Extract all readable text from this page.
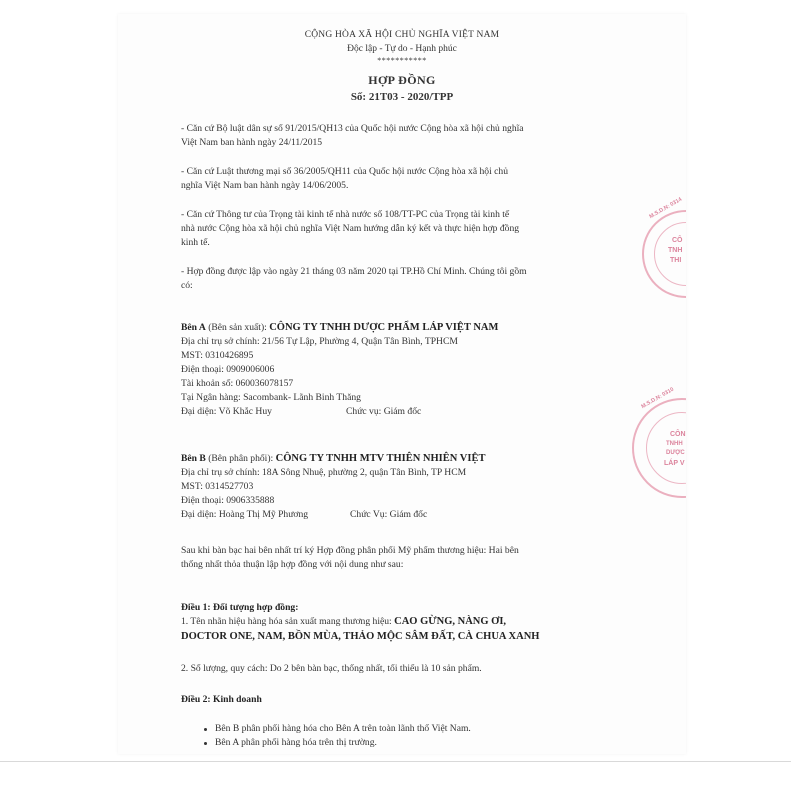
CỘNG HÒA XÃ HỘI CHỦ NGHĨA VIỆT NAM
Độc lập - Tự do - Hạnh phúc
***********
HỢP ĐỒNG
Số: 21T03 - 2020/TPP
- Căn cứ Bộ luật dân sự số 91/2015/QH13 của Quốc hội nước Cộng hòa xã hội chủ nghĩa
Việt Nam ban hành ngày 24/11/2015
- Căn cứ Luật thương mại số 36/2005/QH11 của Quốc hội nước Cộng hòa xã hội chủ
nghĩa Việt Nam ban hành ngày 14/06/2005.
- Căn cứ Thông tư của Trọng tài kinh tế nhà nước số 108/TT-PC của Trọng tài kinh tế
nhà nước Cộng hòa xã hội chủ nghĩa Việt Nam hướng dẫn ký kết và thực hiện hợp đồng
kinh tế.
- Hợp đồng được lập vào ngày 21 tháng 03 năm 2020 tại TP.Hồ Chí Minh. Chúng tôi gồm
có:
Bên A (Bên sản xuất): CÔNG TY TNHH DƯỢC PHẨM LÁP VIỆT NAM
Địa chỉ trụ sở chính: 21/56 Tự Lập, Phường 4, Quận Tân Bình, TPHCM
MST: 0310426895
Điện thoại: 0909006006
Tài khoản số: 060036078157
Tại Ngân hàng: Sacombank- Lãnh Binh Thăng
Đại diện: Võ Khắc Huy	Chức vụ: Giám đốc
Bên B (Bên phân phối): CÔNG TY TNHH MTV THIÊN NHIÊN VIỆT
Địa chỉ trụ sở chính: 18A Sông Nhuệ, phường 2, quận Tân Bình, TP HCM
MST: 0314527703
Điện thoại: 0906335888
Đại diện: Hoàng Thị Mỹ Phương	Chức Vụ: Giám đốc
Sau khi bàn bạc hai bên nhất trí ký Hợp đồng phân phối Mỹ phẩm thương hiệu: Hai bên
thống nhất thỏa thuận lập hợp đồng với nội dung như sau:
Điều 1: Đối tượng hợp đồng:
1. Tên nhãn hiệu hàng hóa sản xuất mang thương hiệu: CAO GỪNG, NÀNG ƠI,
DOCTOR ONE, NAM, BỒN MÙA, THẢO MỘC SÂM ĐẤT, CÀ CHUA XANH
2. Số lượng, quy cách: Do 2 bên bàn bạc, thống nhất, tối thiểu là 10 sản phẩm.
Điều 2: Kinh doanh
Bên B phân phối hàng hóa cho Bên A trên toàn lãnh thổ Việt Nam.
Bên A phân phối hàng hóa trên thị trường.
M.S.D.N: 0314
CÔ
TNH
THI
M.S.D.N: 0310
CÔN
TNHH
DƯỢC
LÁP V
